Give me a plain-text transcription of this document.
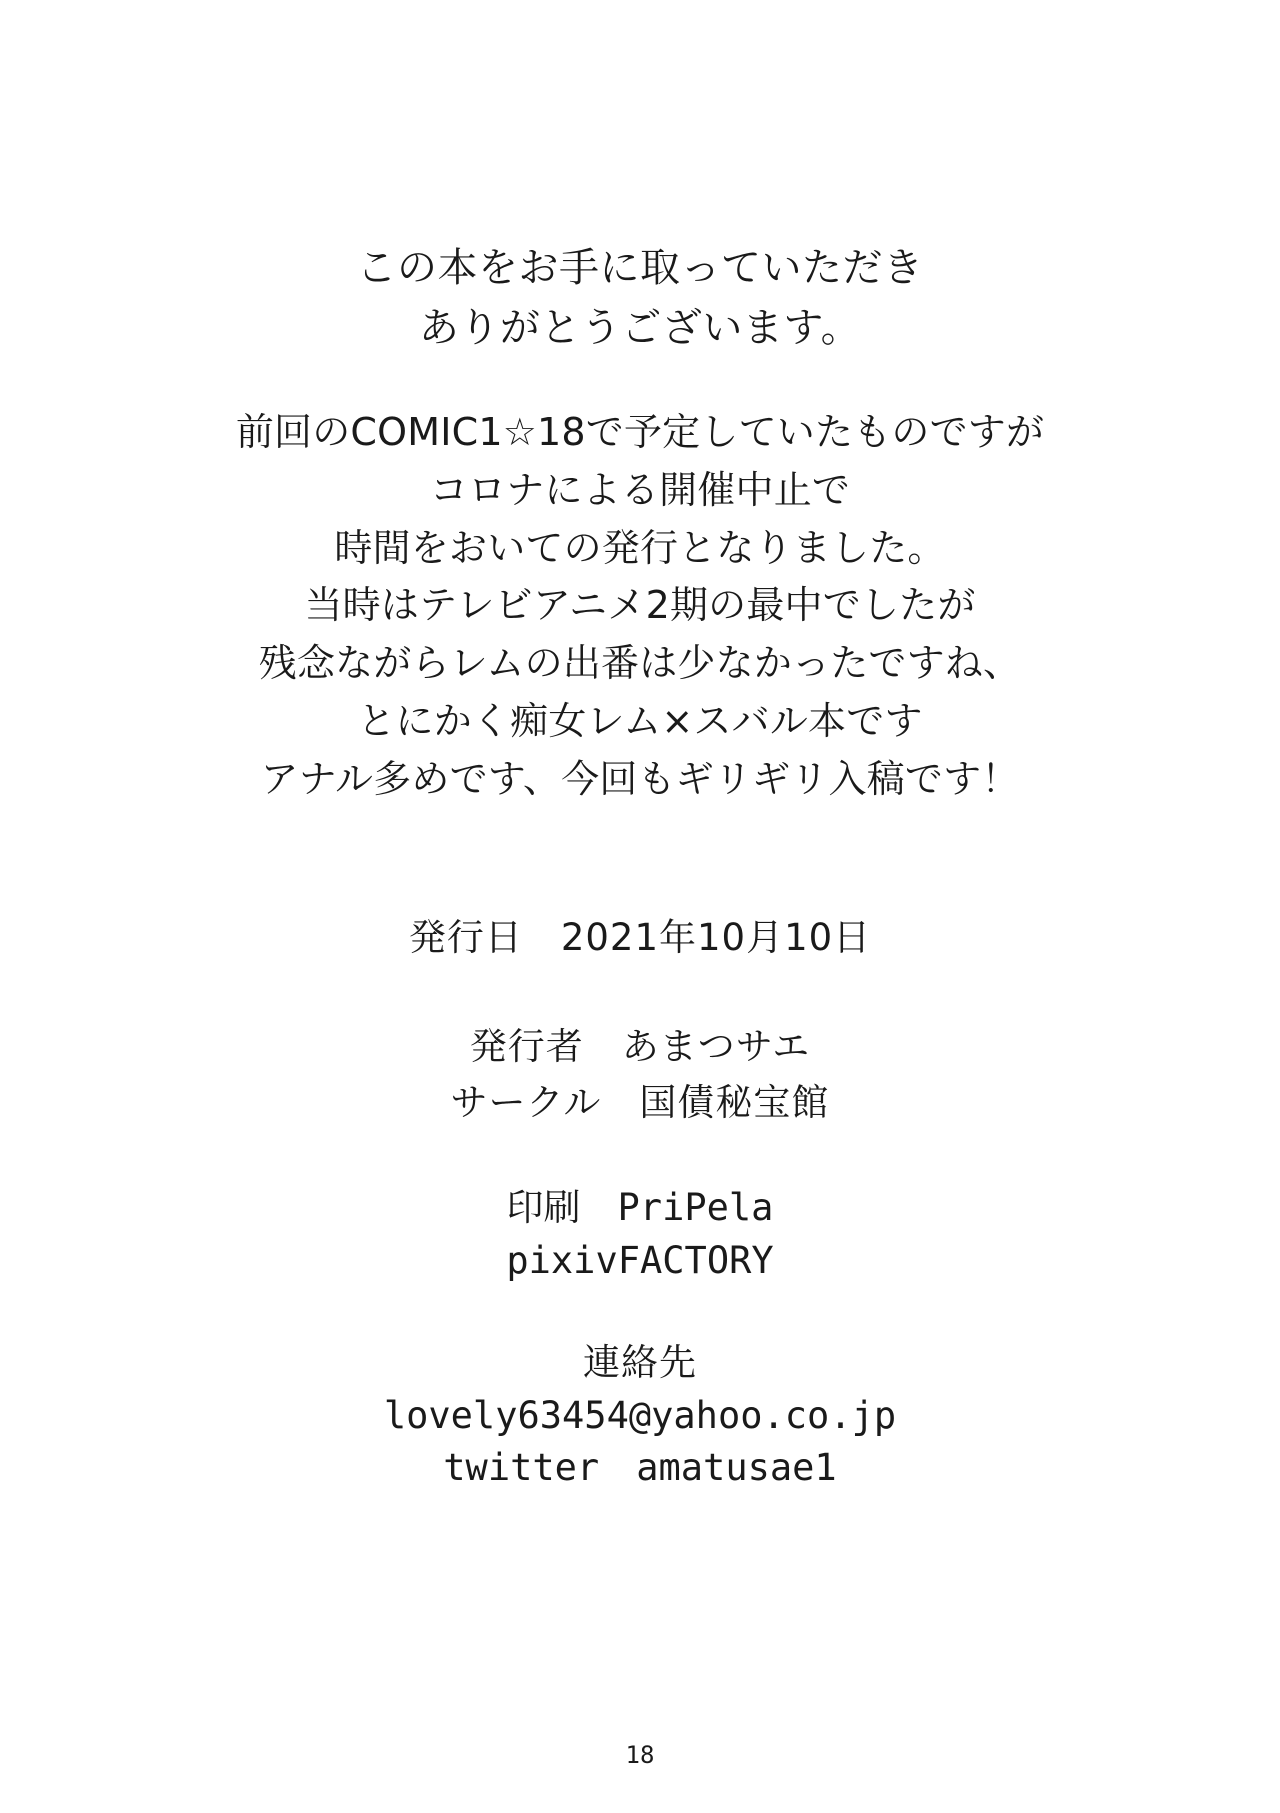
この本をお手に取っていただき
ありがとうございます。
前回のCOMIC1☆18で予定していたものですが
コロナによる開催中止で
時間をおいての発行となりました。
当時はテレビアニメ2期の最中でしたが
残念ながらレムの出番は少なかったですね、
とにかく痴女レム×スバル本です
アナル多めです、今回もギリギリ入稿です！
発行日　2021年10月10日
発行者　あまつサエ
サークル　国債秘宝館
印刷　 PriPela
pixivFACTORY
連絡先
lovely63454@yahoo.co.jp
twitter　amatusae1
18
